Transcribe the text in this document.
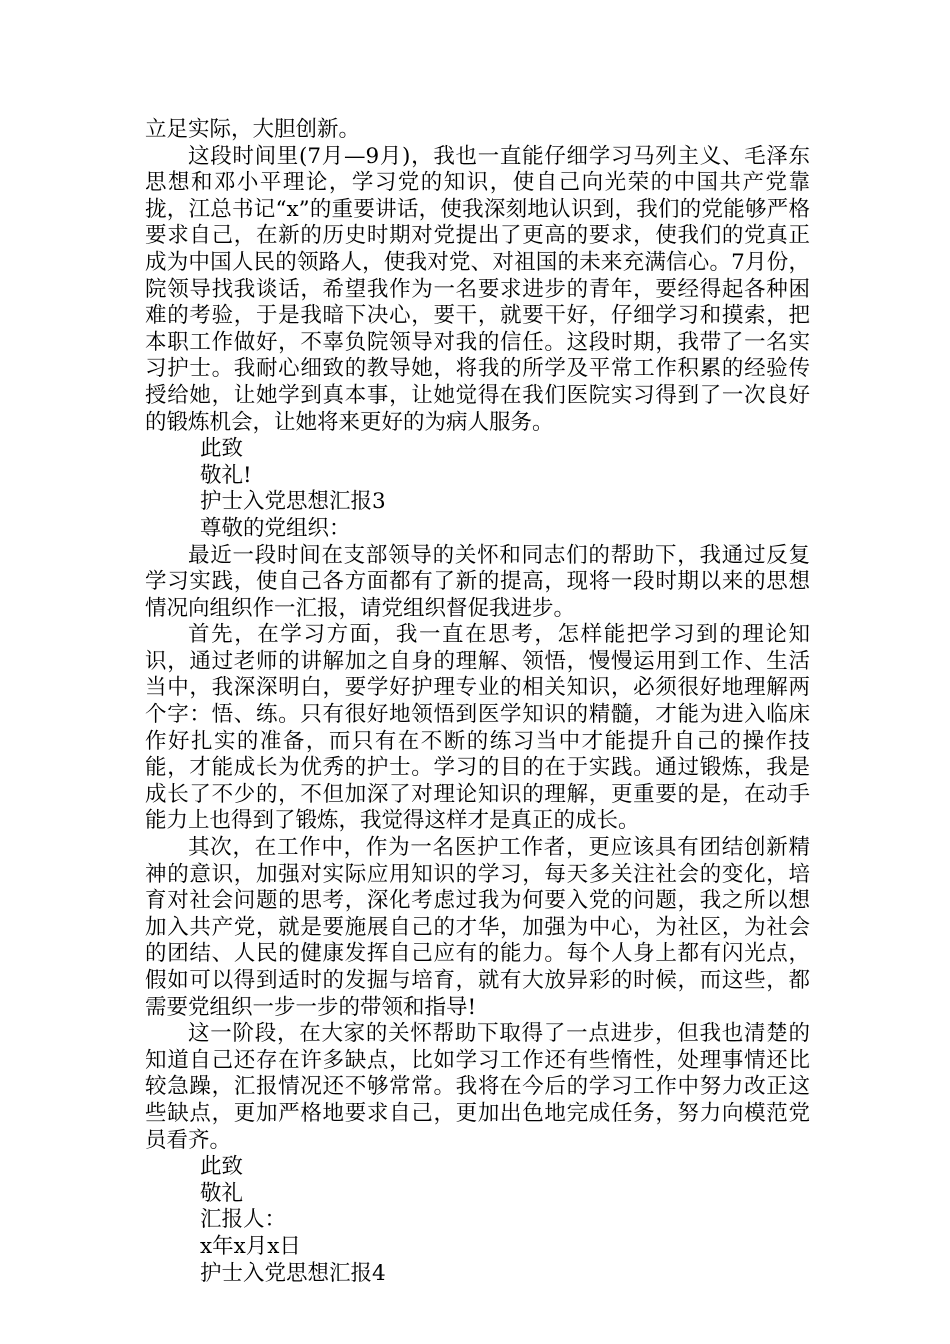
立足实际，大胆创新。

这段时间里(7月—9月)，我也一直能仔细学习马列主义、毛泽东思想和邓小平理论，学习党的知识，使自己向光荣的中国共产党靠拢，江总书记“x”的重要讲话，使我深刻地认识到，我们的党能够严格要求自己，在新的历史时期对党提出了更高的要求，使我们的党真正成为中国人民的领路人，使我对党、对祖国的未来充满信心。7月份，院领导找我谈话，希望我作为一名要求进步的青年，要经得起各种困难的考验，于是我暗下决心，要干，就要干好，仔细学习和摸索，把本职工作做好，不辜负院领导对我的信任。这段时期，我带了一名实习护士。我耐心细致的教导她，将我的所学及平常工作积累的经验传授给她，让她学到真本事，让她觉得在我们医院实习得到了一次良好的锻炼机会，让她将来更好的为病人服务。

此致

敬礼!

护士入党思想汇报3

尊敬的党组织：

最近一段时间在支部领导的关怀和同志们的帮助下，我通过反复学习实践，使自己各方面都有了新的提高，现将一段时期以来的思想情况向组织作一汇报，请党组织督促我进步。

首先，在学习方面，我一直在思考，怎样能把学习到的理论知识，通过老师的讲解加之自身的理解、领悟，慢慢运用到工作、生活当中，我深深明白，要学好护理专业的相关知识，必须很好地理解两个字：悟、练。只有很好地领悟到医学知识的精髓，才能为进入临床作好扎实的准备，而只有在不断的练习当中才能提升自己的操作技能，才能成长为优秀的护士。学习的目的在于实践。通过锻炼，我是成长了不少的，不但加深了对理论知识的理解，更重要的是，在动手能力上也得到了锻炼，我觉得这样才是真正的成长。

其次，在工作中，作为一名医护工作者，更应该具有团结创新精神的意识，加强对实际应用知识的学习，每天多关注社会的变化，培育对社会问题的思考，深化考虑过我为何要入党的问题，我之所以想加入共产党，就是要施展自己的才华，加强为中心，为社区，为社会的团结、人民的健康发挥自己应有的能力。每个人身上都有闪光点，假如可以得到适时的发掘与培育，就有大放异彩的时候，而这些，都需要党组织一步一步的带领和指导!

这一阶段，在大家的关怀帮助下取得了一点进步，但我也清楚的知道自己还存在许多缺点，比如学习工作还有些惰性，处理事情还比较急躁，汇报情况还不够常常。我将在今后的学习工作中努力改正这些缺点，更加严格地要求自己，更加出色地完成任务，努力向模范党员看齐。

此致

敬礼

汇报人：

x年x月x日

护士入党思想汇报4
